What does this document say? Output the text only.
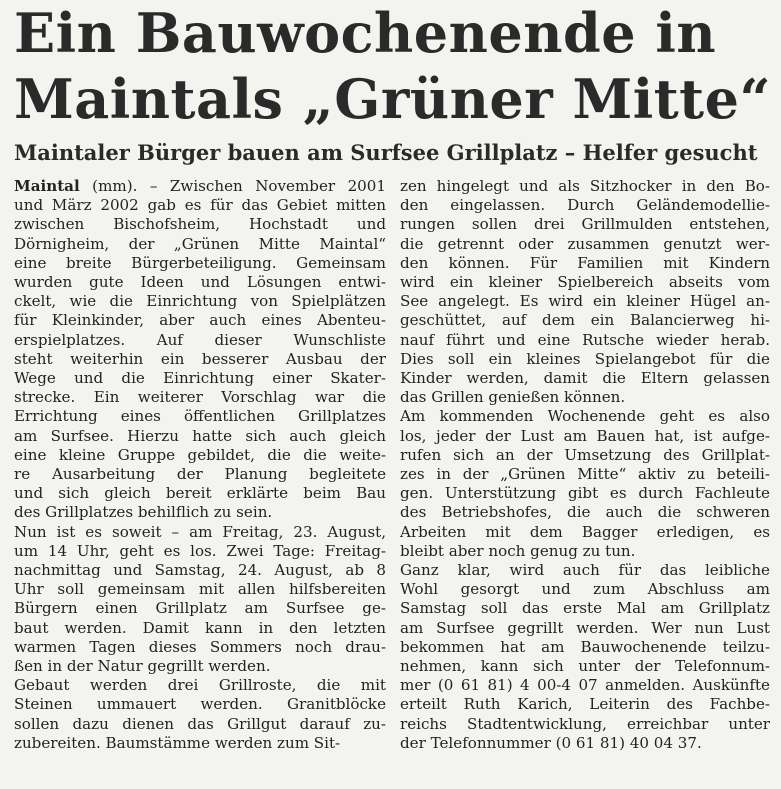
Ein Bauwochenende in
Maintals „Grüner Mitte“
Maintaler Bürger bauen am Surfsee Grillplatz – Helfer gesucht
Maintal (mm). – Zwischen November 2001
und März 2002 gab es für das Gebiet mitten
zwischen Bischofsheim, Hochstadt und
Dörnigheim, der „Grünen Mitte Maintal“
eine breite Bürgerbeteiligung. Gemeinsam
wurden gute Ideen und Lösungen entwi-
ckelt, wie die Einrichtung von Spielplätzen
für Kleinkinder, aber auch eines Abenteu-
erspielplatzes. Auf dieser Wunschliste
steht weiterhin ein besserer Ausbau der
Wege und die Einrichtung einer Skater-
strecke. Ein weiterer Vorschlag war die
Errichtung eines öffentlichen Grillplatzes
am Surfsee. Hierzu hatte sich auch gleich
eine kleine Gruppe gebildet, die die weite-
re Ausarbeitung der Planung begleitete
und sich gleich bereit erklärte beim Bau
des Grillplatzes behilflich zu sein.
Nun ist es soweit – am Freitag, 23. August,
um 14 Uhr, geht es los. Zwei Tage: Freitag-
nachmittag und Samstag, 24. August, ab 8
Uhr soll gemeinsam mit allen hilfsbereiten
Bürgern einen Grillplatz am Surfsee ge-
baut werden. Damit kann in den letzten
warmen Tagen dieses Sommers noch drau-
ßen in der Natur gegrillt werden.
Gebaut werden drei Grillroste, die mit
Steinen ummauert werden. Granitblöcke
sollen dazu dienen das Grillgut darauf zu-
zubereiten. Baumstämme werden zum Sit-
zen hingelegt und als Sitzhocker in den Bo-
den eingelassen. Durch Geländemodellie-
rungen sollen drei Grillmulden entstehen,
die getrennt oder zusammen genutzt wer-
den können. Für Familien mit Kindern
wird ein kleiner Spielbereich abseits vom
See angelegt. Es wird ein kleiner Hügel an-
geschüttet, auf dem ein Balancierweg hi-
nauf führt und eine Rutsche wieder herab.
Dies soll ein kleines Spielangebot für die
Kinder werden, damit die Eltern gelassen
das Grillen genießen können.
Am kommenden Wochenende geht es also
los, jeder der Lust am Bauen hat, ist aufge-
rufen sich an der Umsetzung des Grillplat-
zes in der „Grünen Mitte“ aktiv zu beteili-
gen. Unterstützung gibt es durch Fachleute
des Betriebshofes, die auch die schweren
Arbeiten mit dem Bagger erledigen, es
bleibt aber noch genug zu tun.
Ganz klar, wird auch für das leibliche
Wohl gesorgt und zum Abschluss am
Samstag soll das erste Mal am Grillplatz
am Surfsee gegrillt werden. Wer nun Lust
bekommen hat am Bauwochenende teilzu-
nehmen, kann sich unter der Telefonnum-
mer (0 61 81) 4 00-4 07 anmelden. Auskünfte
erteilt Ruth Karich, Leiterin des Fachbe-
reichs Stadtentwicklung, erreichbar unter
der Telefonnummer (0 61 81) 40 04 37.
